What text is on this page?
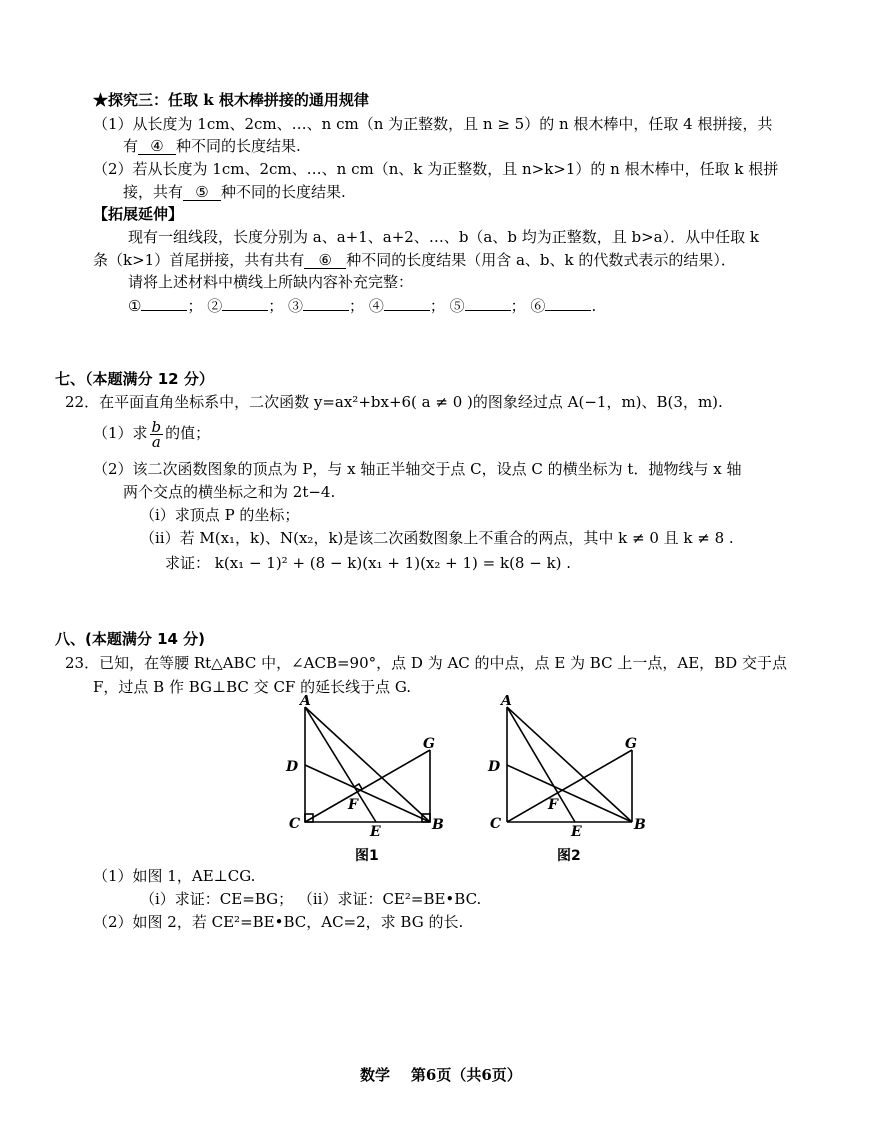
★探究三：任取 k 根木棒拼接的通用规律
（1）从长度为 1cm、2cm、…、n cm（n 为正整数，且 n ≥ 5）的 n 根木棒中，任取 4 根拼接，共
有 ④ 种不同的长度结果.
（2）若从长度为 1cm、2cm、…、n cm（n、k 为正整数，且 n>k>1）的 n 根木棒中，任取 k 根拼
接，共有 ⑤ 种不同的长度结果.
【拓展延伸】
现有一组线段，长度分别为 a、a+1、a+2、…、b（a、b 均为正整数，且 b>a）．从中任取 k
条（k>1）首尾拼接，共有共有 ⑥ 种不同的长度结果（用含 a、b、k 的代数式表示的结果）．
请将上述材料中横线上所缺内容补充完整：
①	； ②	； ③	； ④	； ⑤	； ⑥	.
七、（本题满分 12 分）
22．在平面直角坐标系中，二次函数 y=ax²+bx+6( a ≠ 0 )的图象经过点 A(−1，m)、B(3，m).
（1）求 $\frac{b}{a}$ 的值；
（2）该二次函数图象的顶点为 P，与 x 轴正半轴交于点 C，设点 C 的横坐标为 t．抛物线与 x 轴
两个交点的横坐标之和为 2t−4.
（i）求顶点 P 的坐标；
（ii）若 M(x₁，k)、N(x₂，k)是该二次函数图象上不重合的两点，其中 k ≠ 0 且 k ≠ 8 .
求证： k(x₁ − 1)² + (8 − k)(x₁ + 1)(x₂ + 1) = k(8 − k) .
八、(本题满分 14 分)
23．已知，在等腰 Rt△ABC 中，∠ACB=90°，点 D 为 AC 的中点，点 E 为 BC 上一点，AE，BD 交于点
F，过点 B 作 BG⊥BC 交 CF 的延长线于点 G.
A
D
C	E
F
B
G
图1
A
D
C	E
F
B
G
图2
（1）如图 1，AE⊥CG.
（i）求证：CE=BG； （ii）求证：CE²=BE•BC.
（2）如图 2，若 CE²=BE•BC，AC=2，求 BG 的长.
数学    第6页（共6页）
